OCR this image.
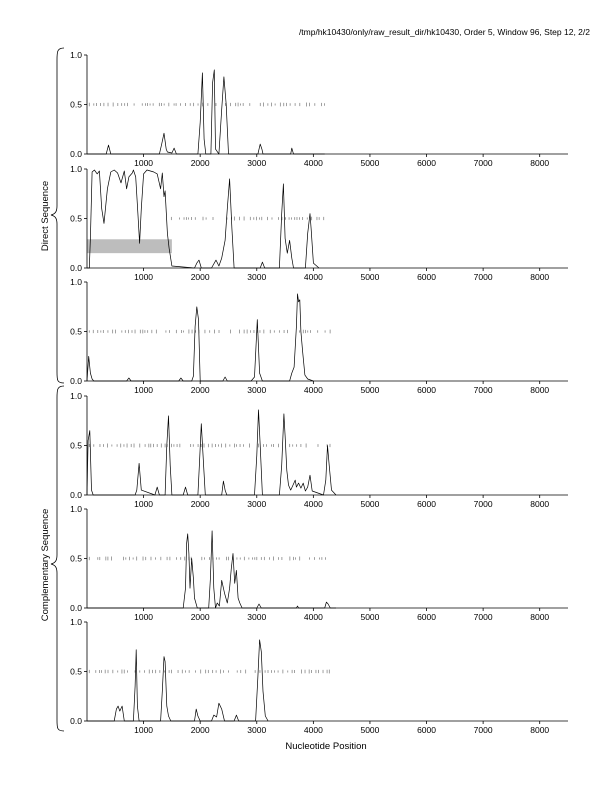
/tmp/hk10430/only/raw_result_dir/hk10430, Order 5, Window 96, Step 12, 2/2
0.0
0.5
1.0
1000	2000	3000	4000	5000	6000	7000	8000
0.0
0.5
1.0
1000	2000	3000	4000	5000	6000	7000	8000
0.0
0.5
1.0
1000	2000	3000	4000	5000	6000	7000	8000
0.0
0.5
1.0
1000	2000	3000	4000	5000	6000	7000	8000
0.0
0.5
1.0
1000	2000	3000	4000	5000	6000	7000	8000
0.0
0.5
1.0
1000	2000	3000	4000	5000	6000	7000	8000
Direct Sequence
Complementary Sequence
Nucleotide Position
